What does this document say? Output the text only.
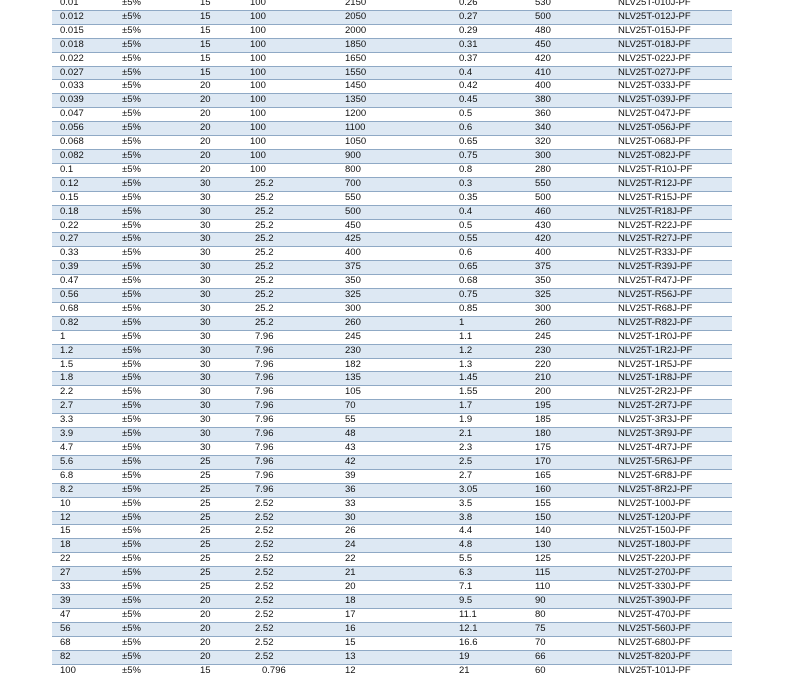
0.01	±5%	15	100	2150	0.26	530	NLV25T-010J-PF
0.012	±5%	15	100	2050	0.27	500	NLV25T-012J-PF
0.015	±5%	15	100	2000	0.29	480	NLV25T-015J-PF
0.018	±5%	15	100	1850	0.31	450	NLV25T-018J-PF
0.022	±5%	15	100	1650	0.37	420	NLV25T-022J-PF
0.027	±5%	15	100	1550	0.4	410	NLV25T-027J-PF
0.033	±5%	20	100	1450	0.42	400	NLV25T-033J-PF
0.039	±5%	20	100	1350	0.45	380	NLV25T-039J-PF
0.047	±5%	20	100	1200	0.5	360	NLV25T-047J-PF
0.056	±5%	20	100	1100	0.6	340	NLV25T-056J-PF
0.068	±5%	20	100	1050	0.65	320	NLV25T-068J-PF
0.082	±5%	20	100	900	0.75	300	NLV25T-082J-PF
0.1	±5%	20	100	800	0.8	280	NLV25T-R10J-PF
0.12	±5%	30	25.2	700	0.3	550	NLV25T-R12J-PF
0.15	±5%	30	25.2	550	0.35	500	NLV25T-R15J-PF
0.18	±5%	30	25.2	500	0.4	460	NLV25T-R18J-PF
0.22	±5%	30	25.2	450	0.5	430	NLV25T-R22J-PF
0.27	±5%	30	25.2	425	0.55	420	NLV25T-R27J-PF
0.33	±5%	30	25.2	400	0.6	400	NLV25T-R33J-PF
0.39	±5%	30	25.2	375	0.65	375	NLV25T-R39J-PF
0.47	±5%	30	25.2	350	0.68	350	NLV25T-R47J-PF
0.56	±5%	30	25.2	325	0.75	325	NLV25T-R56J-PF
0.68	±5%	30	25.2	300	0.85	300	NLV25T-R68J-PF
0.82	±5%	30	25.2	260	1	260	NLV25T-R82J-PF
1	±5%	30	7.96	245	1.1	245	NLV25T-1R0J-PF
1.2	±5%	30	7.96	230	1.2	230	NLV25T-1R2J-PF
1.5	±5%	30	7.96	182	1.3	220	NLV25T-1R5J-PF
1.8	±5%	30	7.96	135	1.45	210	NLV25T-1R8J-PF
2.2	±5%	30	7.96	105	1.55	200	NLV25T-2R2J-PF
2.7	±5%	30	7.96	70	1.7	195	NLV25T-2R7J-PF
3.3	±5%	30	7.96	55	1.9	185	NLV25T-3R3J-PF
3.9	±5%	30	7.96	48	2.1	180	NLV25T-3R9J-PF
4.7	±5%	30	7.96	43	2.3	175	NLV25T-4R7J-PF
5.6	±5%	25	7.96	42	2.5	170	NLV25T-5R6J-PF
6.8	±5%	25	7.96	39	2.7	165	NLV25T-6R8J-PF
8.2	±5%	25	7.96	36	3.05	160	NLV25T-8R2J-PF
10	±5%	25	2.52	33	3.5	155	NLV25T-100J-PF
12	±5%	25	2.52	30	3.8	150	NLV25T-120J-PF
15	±5%	25	2.52	26	4.4	140	NLV25T-150J-PF
18	±5%	25	2.52	24	4.8	130	NLV25T-180J-PF
22	±5%	25	2.52	22	5.5	125	NLV25T-220J-PF
27	±5%	25	2.52	21	6.3	115	NLV25T-270J-PF
33	±5%	25	2.52	20	7.1	110	NLV25T-330J-PF
39	±5%	20	2.52	18	9.5	90	NLV25T-390J-PF
47	±5%	20	2.52	17	11.1	80	NLV25T-470J-PF
56	±5%	20	2.52	16	12.1	75	NLV25T-560J-PF
68	±5%	20	2.52	15	16.6	70	NLV25T-680J-PF
82	±5%	20	2.52	13	19	66	NLV25T-820J-PF
100	±5%	15	0.796	12	21	60	NLV25T-101J-PF
